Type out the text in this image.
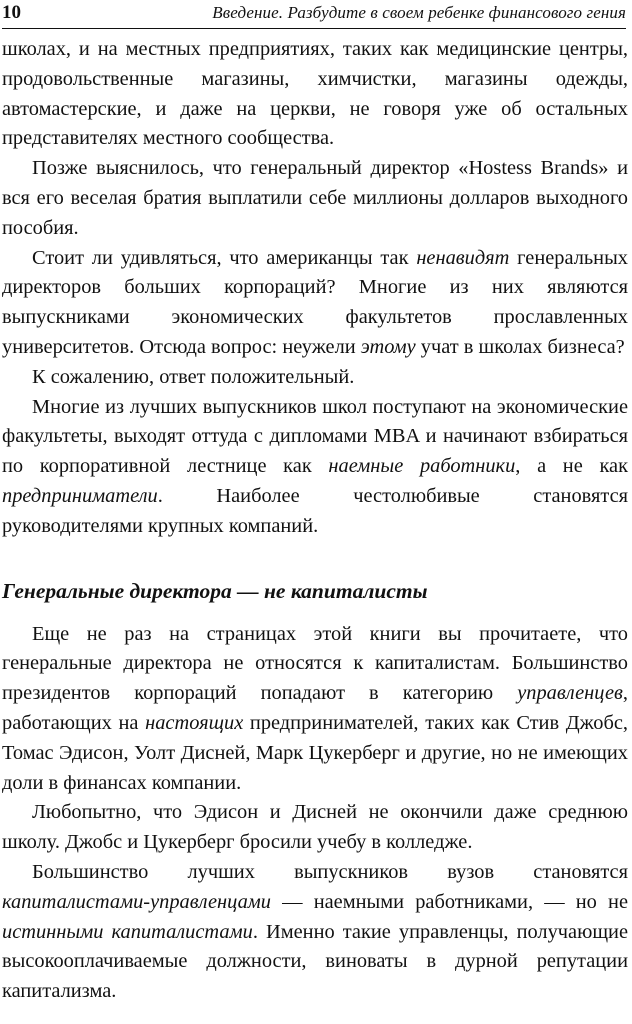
10	Введение. Разбудите в своем ребенке финансового гения

школах, и на местных предприятиях, таких как медицинские центры, продовольственные магазины, химчистки, магазины одежды, автомастерские, и даже на церкви, не говоря уже об остальных представителях местного сообщества.

Позже выяснилось, что генеральный директор «Hostess Brands» и вся его веселая братия выплатили себе миллионы долларов выходного пособия.

Стоит ли удивляться, что американцы так ненавидят генеральных директоров больших корпораций? Многие из них являются выпускниками экономических факультетов прославленных университетов. Отсюда вопрос: неужели этому учат в школах бизнеса?

К сожалению, ответ положительный.

Многие из лучших выпускников школ поступают на экономические факультеты, выходят оттуда с дипломами MBA и начинают взбираться по корпоративной лестнице как наемные работники, а не как предприниматели. Наиболее честолюбивые становятся руководителями крупных компаний.

Генеральные директора — не капиталисты

Еще не раз на страницах этой книги вы прочитаете, что генеральные директора не относятся к капиталистам. Большинство президентов корпораций попадают в категорию управленцев, работающих на настоящих предпринимателей, таких как Стив Джобс, Томас Эдисон, Уолт Дисней, Марк Цукерберг и другие, но не имеющих доли в финансах компании.

Любопытно, что Эдисон и Дисней не окончили даже среднюю школу. Джобс и Цукерберг бросили учебу в колледже.

Большинство лучших выпускников вузов становятся капиталистами-управленцами — наемными работниками, — но не истинными капиталистами. Именно такие управленцы, получающие высокооплачиваемые должности, виноваты в дурной репутации капитализма.
